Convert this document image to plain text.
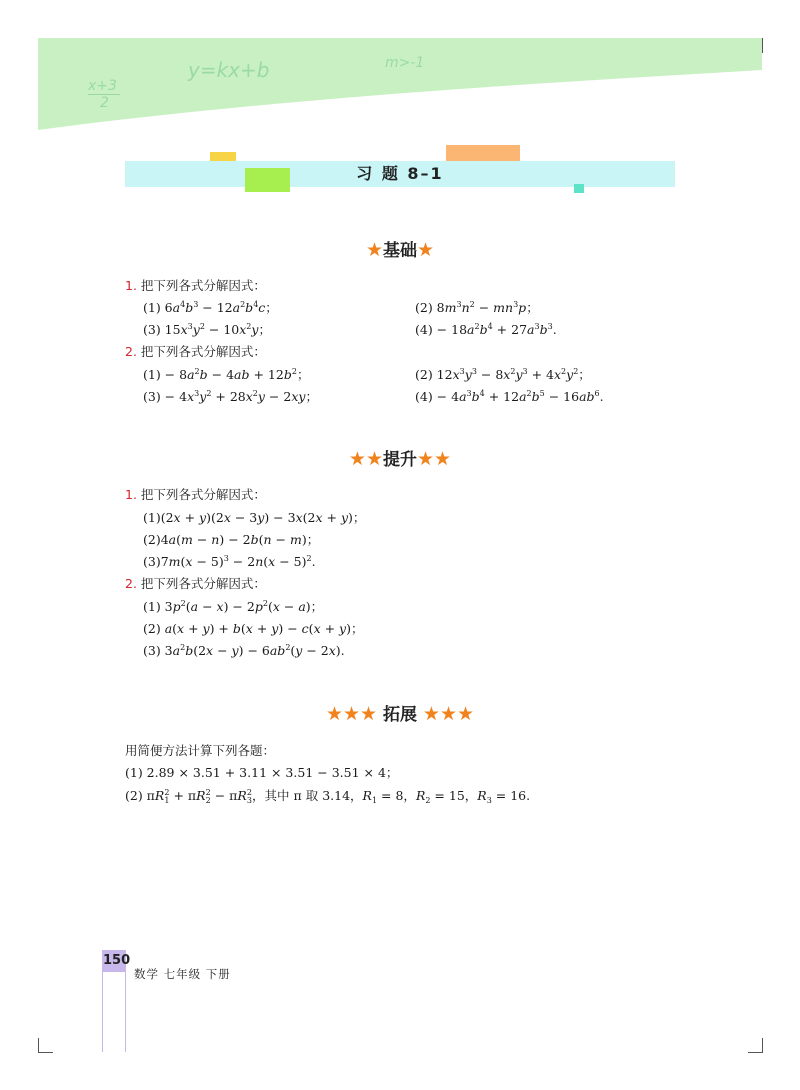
x+3
2
y=kx+b	m>-1
习 题 8–1
★基础★
1. 把下列各式分解因式：
(1) $6a^4b^3 - 12a^2b^4c$；	(2) $8m^3n^2 - mn^3p$；
(3) $15x^3y^2 - 10x^2y$；	$(4) - 18a^2b^4 + 27a^3b^3$.
2. 把下列各式分解因式：
$(1) - 8a^2b - 4ab + 12b^2$；	(2) $12x^3y^3 - 8x^2y^3 + 4x^2y^2$；
$(3) - 4x^3y^2 + 28x^2y - 2xy$；	$(4) - 4a^3b^4 + 12a^2b^5 - 16ab^6$.
★★提升★★
1. 把下列各式分解因式：
(1)(2x + y)(2x − 3y) − 3x(2x + y)；
(2)4a(m − n) − 2b(n − m)；
$(3)7m(x - 5)^3 - 2n(x - 5)^2$.
2. 把下列各式分解因式：
(1) $3p^2(a - x) - 2p^2(x - a)$；
(2) a(x + y) + b(x + y) − c(x + y)；
(3) $3a^2b(2x - y) - 6ab^2(y - 2x)$.
★★★ 拓展 ★★★
用简便方法计算下列各题：
(1) 2.89 × 3.51 + 3.11 × 3.51 − 3.51 × 4；
(2) $\pi R_1^2 + \pi R_2^2 - \pi R_3^2$，其中 π 取 3.14，$R_1 = 8$，$R_2 = 15$，$R_3 = 16$.
150
数学 七年级 下册
